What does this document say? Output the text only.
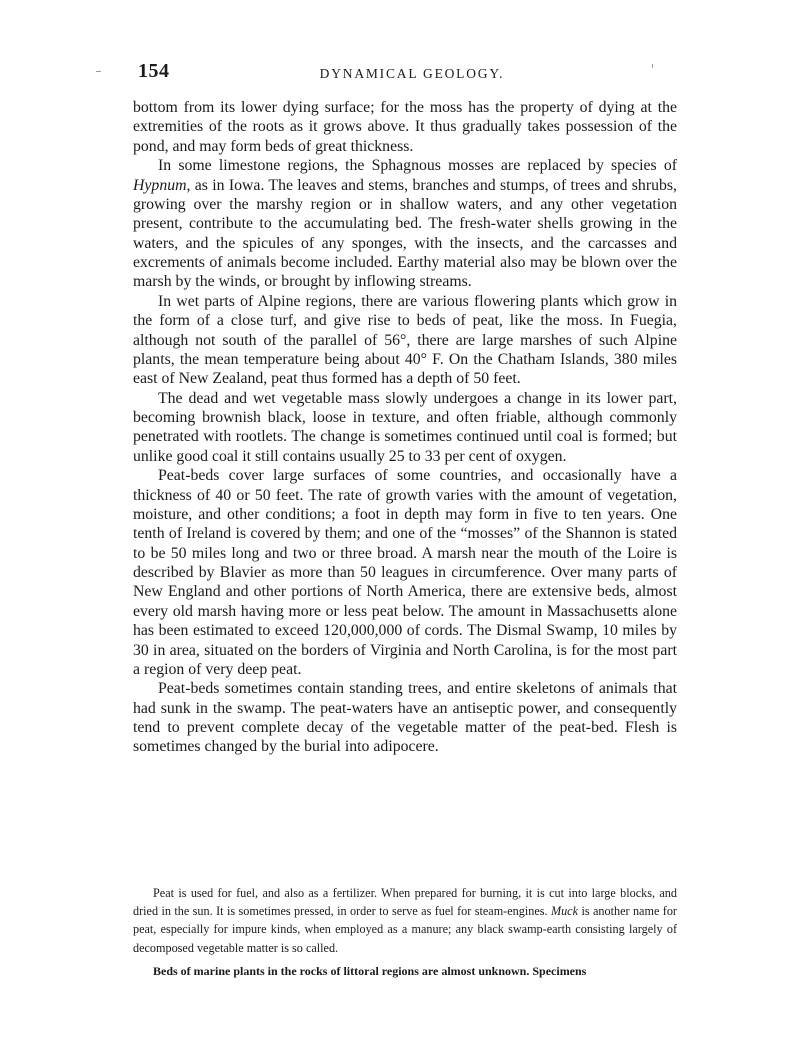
154	DYNAMICAL GEOLOGY.

bottom from its lower dying surface; for the moss has the property of dying at the extremities of the roots as it grows above. It thus gradually takes possession of the pond, and may form beds of great thickness.

In some limestone regions, the Sphagnous mosses are replaced by species of Hypnum, as in Iowa. The leaves and stems, branches and stumps, of trees and shrubs, growing over the marshy region or in shallow waters, and any other vegetation present, contribute to the accumulating bed. The fresh-water shells growing in the waters, and the spicules of any sponges, with the insects, and the carcasses and excrements of animals become included. Earthy material also may be blown over the marsh by the winds, or brought by inflowing streams.

In wet parts of Alpine regions, there are various flowering plants which grow in the form of a close turf, and give rise to beds of peat, like the moss. In Fuegia, although not south of the parallel of 56°, there are large marshes of such Alpine plants, the mean temperature being about 40° F. On the Chatham Islands, 380 miles east of New Zealand, peat thus formed has a depth of 50 feet.

The dead and wet vegetable mass slowly undergoes a change in its lower part, becoming brownish black, loose in texture, and often friable, although commonly penetrated with rootlets. The change is sometimes continued until coal is formed; but unlike good coal it still contains usually 25 to 33 per cent of oxygen.

Peat-beds cover large surfaces of some countries, and occasionally have a thickness of 40 or 50 feet. The rate of growth varies with the amount of vegetation, moisture, and other conditions; a foot in depth may form in five to ten years. One tenth of Ireland is covered by them; and one of the “mosses” of the Shannon is stated to be 50 miles long and two or three broad. A marsh near the mouth of the Loire is described by Blavier as more than 50 leagues in circumference. Over many parts of New England and other portions of North America, there are extensive beds, almost every old marsh having more or less peat below. The amount in Massachusetts alone has been estimated to exceed 120,000,000 of cords. The Dismal Swamp, 10 miles by 30 in area, situated on the borders of Virginia and North Carolina, is for the most part a region of very deep peat.

Peat-beds sometimes contain standing trees, and entire skeletons of animals that had sunk in the swamp. The peat-waters have an antiseptic power, and consequently tend to prevent complete decay of the vegetable matter of the peat-bed. Flesh is sometimes changed by the burial into adipocere.

Peat is used for fuel, and also as a fertilizer. When prepared for burning, it is cut into large blocks, and dried in the sun. It is sometimes pressed, in order to serve as fuel for steam-engines. Muck is another name for peat, especially for impure kinds, when employed as a manure; any black swamp-earth consisting largely of decomposed vegetable matter is so called.

Beds of marine plants in the rocks of littoral regions are almost unknown. Specimens
